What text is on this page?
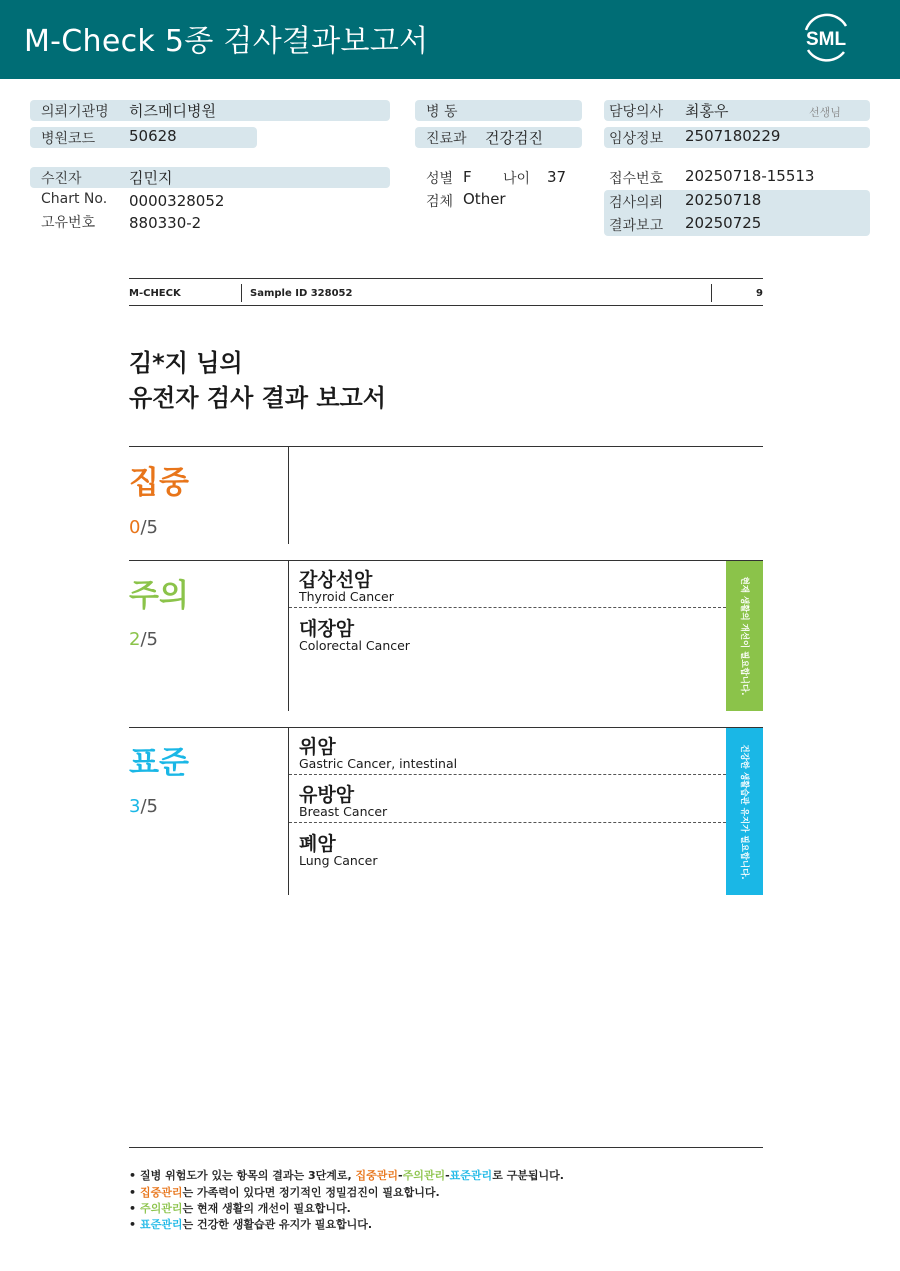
M-Check 5종 검사결과보고서	SML
의뢰기관명 히즈메디병원	병 동	담당의사 최홍우	선생님
병원코드 50628	진료과 건강검진	임상정보 2507180229
수진자	김민지	성별 F 나이 37	접수번호 20250718-15513
Chart No. 0000328052	검체 Other	검사의뢰 20250718
고유번호 880330-2	결과보고 20250725
M-CHECK	Sample ID 328052	9
김*지 님의
유전자 검사 결과 보고서
집중
0/5
주의
2/5
갑상선암
Thyroid Cancer
대장암
Colorectal Cancer	현재 생활의 개선이 필요합니다.
표준
3/5
위암
Gastric Cancer, intestinal
유방암
Breast Cancer
폐암
Lung Cancer	건강한 생활습관 유지가 필요합니다.
• 질병 위험도가 있는 항목의 결과는 3단계로, 집중관리-주의관리-표준관리로 구분됩니다.
• 집중관리는 가족력이 있다면 정기적인 정밀검진이 필요합니다.
• 주의관리는 현재 생활의 개선이 필요합니다.
• 표준관리는 건강한 생활습관 유지가 필요합니다.
